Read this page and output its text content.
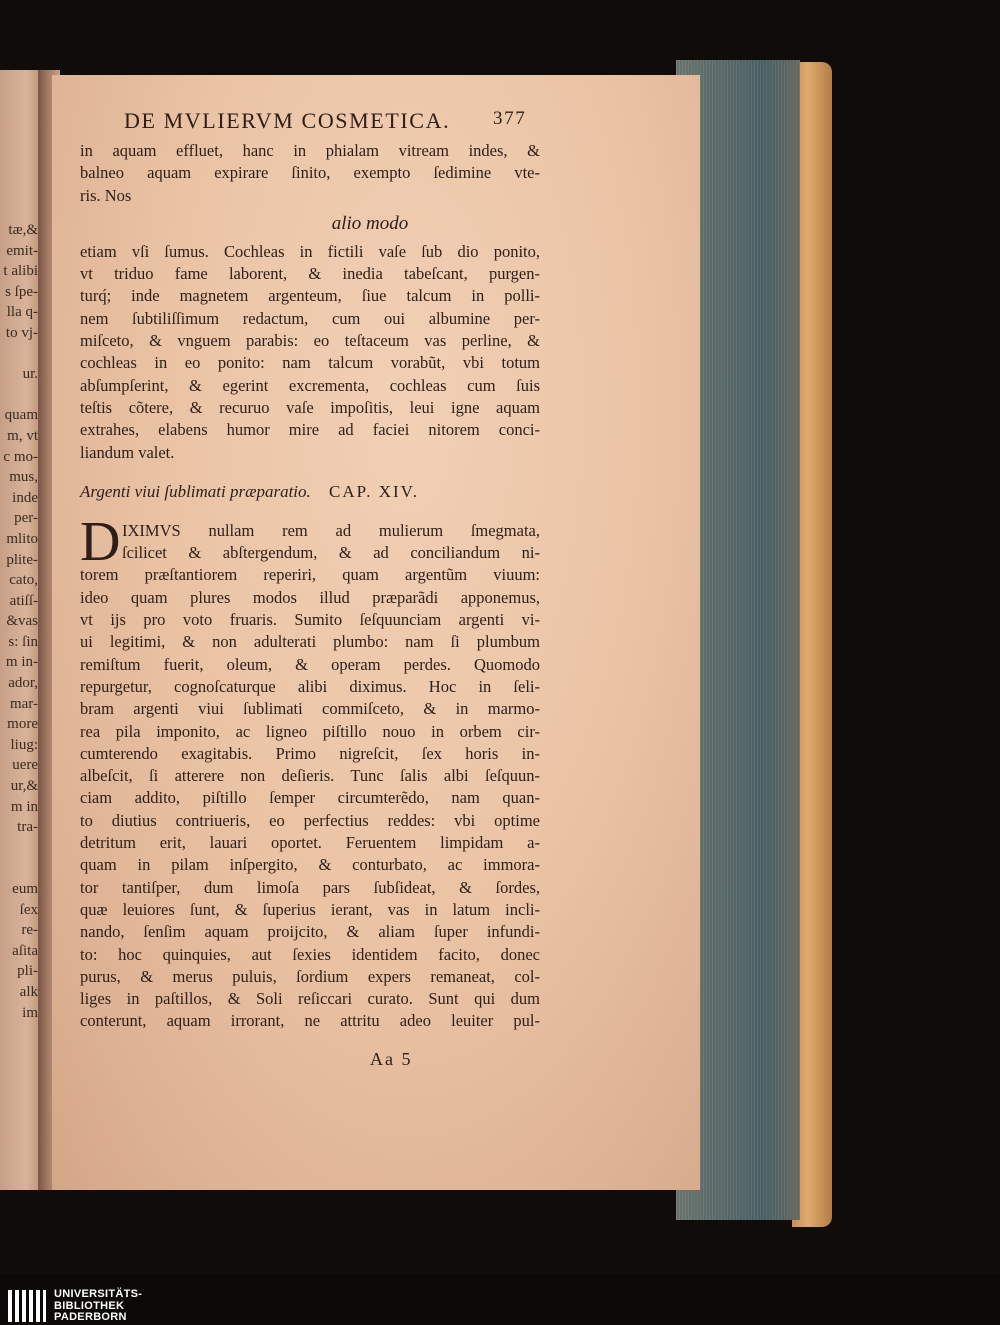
tæ,&
emit-
t alibi
s ſpe-
lla q-
to vj-
ur.
quam
m, vt
c mo-
mus,
inde
per-
mlito
plite-
cato,
atiſſ-
&vas
s: ſin
m in-
ador,
mar-
more
liug:
uere
ur,&
m in
tra-
eum
ſex
re-
aſita
pli-
alk
im
DE MVLIERVM COSMETICA. 377
in aquam effluet, hanc in phialam vitream indes, &
balneo aquam expirare ſinito, exempto ſedimine vte-
ris. Nos
alio modo
etiam vſi ſumus. Cochleas in fictili vaſe ſub dio ponito,
vt triduo fame laborent, & inedia tabeſcant, purgen-
turq́; inde magnetem argenteum, ſiue talcum in polli-
nem ſubtiliſſimum redactum, cum oui albumine per-
miſceto, & vnguem parabis: eo teſtaceum vas perline, &
cochleas in eo ponito: nam talcum vorabũt, vbi totum
abſumpſerint, & egerint excrementa, cochleas cum ſuis
teſtis cõtere, & recuruo vaſe impoſitis, leui igne aquam
extrahes, elabens humor mire ad faciei nitorem conci-
liandum valet.
Argenti viui ſublimati præparatio. CAP. XIV.
D IXIMVS nullam rem ad mulierum ſmegmata,
ſcilicet & abſtergendum, & ad conciliandum ni-
torem præſtantiorem reperiri, quam argentũm viuum:
ideo quam plures modos illud præparãdi apponemus,
vt ijs pro voto fruaris. Sumito ſeſquunciam argenti vi-
ui legitimi, & non adulterati plumbo: nam ſi plumbum
remiſtum fuerit, oleum, & operam perdes. Quomodo
repurgetur, cognoſcaturque alibi diximus. Hoc in ſeli-
bram argenti viui ſublimati commiſceto, & in marmo-
rea pila imponito, ac ligneo piſtillo nouo in orbem cir-
cumterendo exagitabis. Primo nigreſcit, ſex horis in-
albeſcit, ſi atterere non deſieris. Tunc ſalis albi ſeſquun-
ciam addito, piſtillo ſemper circumterẽdo, nam quan-
to diutius contriueris, eo perfectius reddes: vbi optime
detritum erit, lauari oportet. Feruentem limpidam a-
quam in pilam inſpergito, & conturbato, ac immora-
tor tantiſper, dum limoſa pars ſubſideat, & ſordes,
quæ leuiores ſunt, & ſuperius ierant, vas in latum incli-
nando, ſenſim aquam proijcito, & aliam ſuper infundi-
to: hoc quinquies, aut ſexies identidem facito, donec
purus, & merus puluis, ſordium expers remaneat, col-
liges in paſtillos, & Soli reſiccari curato. Sunt qui dum
conterunt, aquam irrorant, ne attritu adeo leuiter pul-
Aa 5
UNIVERSITÄTS-
BIBLIOTHEK
PADERBORN
